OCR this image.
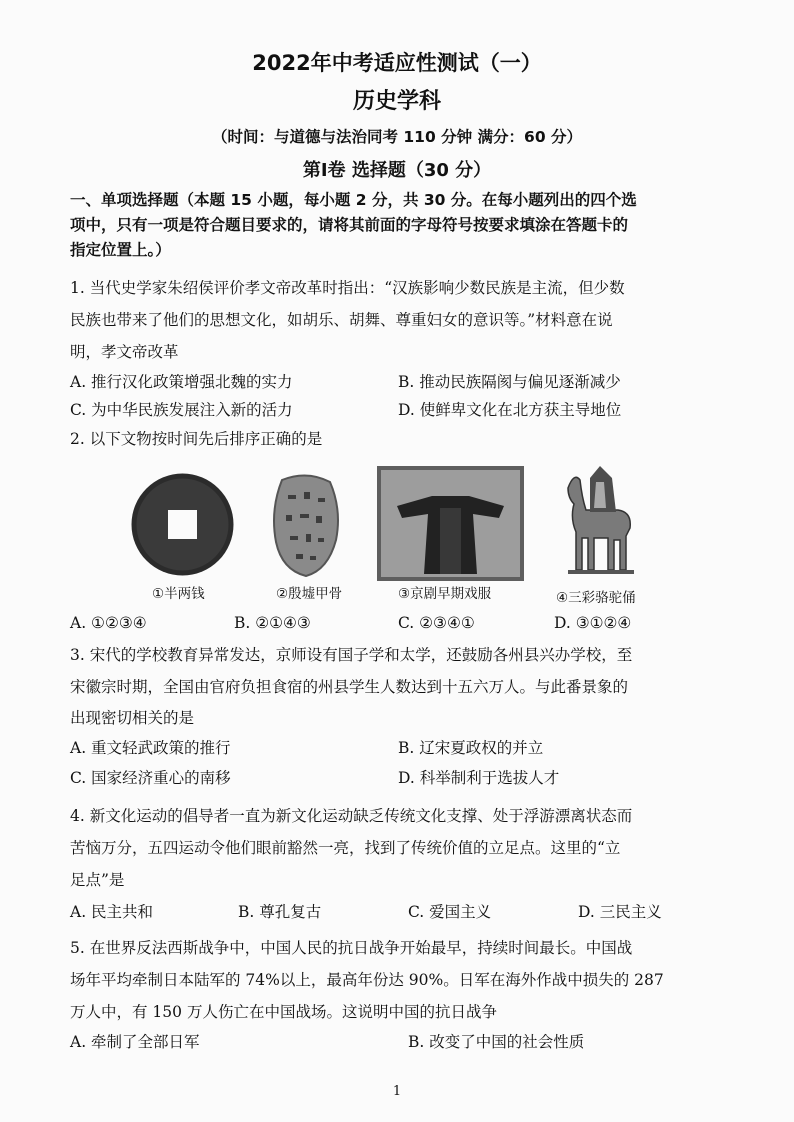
2022年中考适应性测试（一）
历史学科
（时间：与道德与法治同考 110 分钟 满分：60 分）
第Ⅰ卷 选择题（30 分）
一、单项选择题（本题 15 小题，每小题 2 分，共 30 分。在每小题列出的四个选
项中，只有一项是符合题目要求的，请将其前面的字母符号按要求填涂在答题卡的
指定位置上。）
1. 当代史学家朱绍侯评价孝文帝改革时指出：“汉族影响少数民族是主流，但少数
民族也带来了他们的思想文化，如胡乐、胡舞、尊重妇女的意识等。”材料意在说
明，孝文帝改革
A. 推行汉化政策增强北魏的实力	B. 推动民族隔阂与偏见逐渐减少
C. 为中华民族发展注入新的活力	D. 使鲜卑文化在北方获主导地位
2. 以下文物按时间先后排序正确的是
①半两钱	②殷墟甲骨	③京剧早期戏服	④三彩骆驼俑
A. ①②③④	B. ②①④③	C. ②③④①	D. ③①②④
3. 宋代的学校教育异常发达，京师设有国子学和太学，还鼓励各州县兴办学校，至
宋徽宗时期，全国由官府负担食宿的州县学生人数达到十五六万人。与此番景象的
出现密切相关的是
A. 重文轻武政策的推行	B. 辽宋夏政权的并立
C. 国家经济重心的南移	D. 科举制利于选拔人才
4. 新文化运动的倡导者一直为新文化运动缺乏传统文化支撑、处于浮游漂离状态而
苦恼万分，五四运动令他们眼前豁然一亮，找到了传统价值的立足点。这里的“立
足点”是
A. 民主共和	B. 尊孔复古	C. 爱国主义	D. 三民主义
5. 在世界反法西斯战争中，中国人民的抗日战争开始最早，持续时间最长。中国战
场年平均牵制日本陆军的 74%以上，最高年份达 90%。日军在海外作战中损失的 287
万人中，有 150 万人伤亡在中国战场。这说明中国的抗日战争
A. 牵制了全部日军	B. 改变了中国的社会性质
1
